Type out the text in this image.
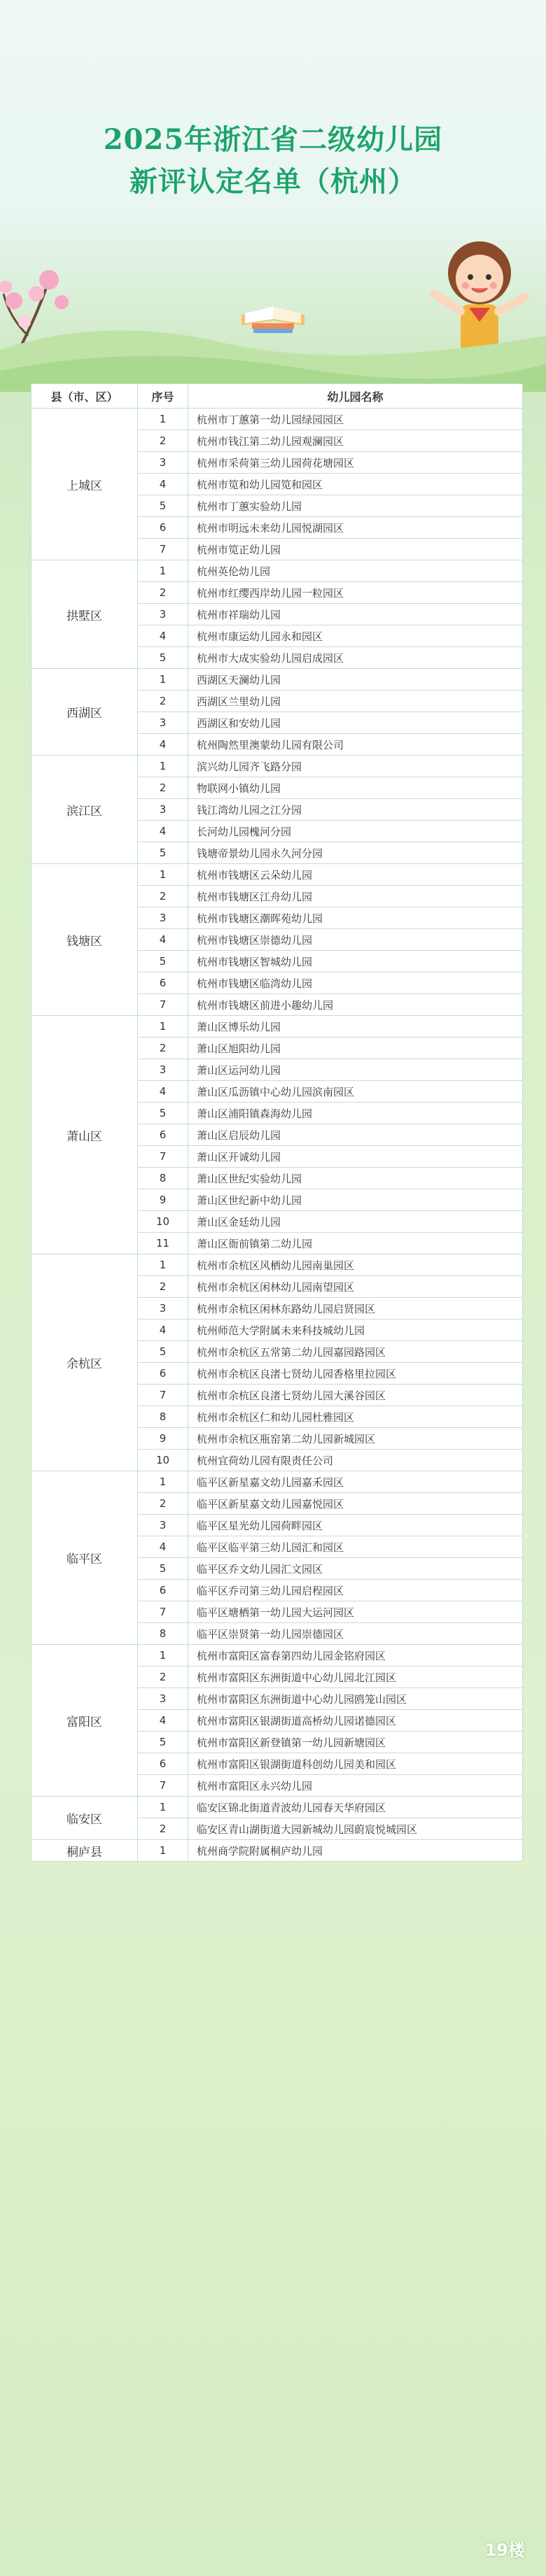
2025年浙江省二级幼儿园
新评认定名单（杭州）
县（市、区）	序号	幼儿园名称
上城区	1	杭州市丁蕙第一幼儿园绿园园区
	2	杭州市钱江第二幼儿园观澜园区
	3	杭州市采荷第三幼儿园荷花塘园区
	4	杭州市笕和幼儿园笕和园区
	5	杭州市丁蕙实验幼儿园
	6	杭州市明远未来幼儿园悦湖园区
	7	杭州市笕正幼儿园
拱墅区	1	杭州英伦幼儿园
	2	杭州市红缨西岸幼儿园一粒园区
	3	杭州市祥瑞幼儿园
	4	杭州市康运幼儿园永和园区
	5	杭州市大成实验幼儿园启成园区
西湖区	1	西湖区天澜幼儿园
	2	西湖区兰里幼儿园
	3	西湖区和安幼儿园
	4	杭州陶然里澳蒙幼儿园有限公司
滨江区	1	滨兴幼儿园齐飞路分园
	2	物联网小镇幼儿园
	3	钱江湾幼儿园之江分园
	4	长河幼儿园槐河分园
	5	钱塘帝景幼儿园永久河分园
钱塘区	1	杭州市钱塘区云朵幼儿园
	2	杭州市钱塘区江舟幼儿园
	3	杭州市钱塘区潮晖苑幼儿园
	4	杭州市钱塘区崇德幼儿园
	5	杭州市钱塘区智城幼儿园
	6	杭州市钱塘区临湾幼儿园
	7	杭州市钱塘区前进小趣幼儿园
萧山区	1	萧山区博乐幼儿园
	2	萧山区旭阳幼儿园
	3	萧山区运河幼儿园
	4	萧山区瓜沥镇中心幼儿园滨南园区
	5	萧山区浦阳镇森海幼儿园
	6	萧山区启辰幼儿园
	7	萧山区开诚幼儿园
	8	萧山区世纪实验幼儿园
	9	萧山区世纪新中幼儿园
	10	萧山区金廷幼儿园
	11	萧山区衙前镇第二幼儿园
余杭区	1	杭州市余杭区风栖幼儿园南巢园区
	2	杭州市余杭区闲林幼儿园南望园区
	3	杭州市余杭区闲林东路幼儿园启贤园区
	4	杭州师范大学附属未来科技城幼儿园
	5	杭州市余杭区五常第二幼儿园嘉园路园区
	6	杭州市余杭区良渚七贤幼儿园香格里拉园区
	7	杭州市余杭区良渚七贤幼儿园大溪谷园区
	8	杭州市余杭区仁和幼儿园杜雅园区
	9	杭州市余杭区瓶窑第二幼儿园新城园区
	10	杭州宜荷幼儿园有限责任公司
临平区	1	临平区新星嘉文幼儿园嘉禾园区
	2	临平区新星嘉文幼儿园嘉悦园区
	3	临平区星光幼儿园荷畔园区
	4	临平区临平第三幼儿园汇和园区
	5	临平区乔文幼儿园汇文园区
	6	临平区乔司第三幼儿园启程园区
	7	临平区塘栖第一幼儿园大运河园区
	8	临平区崇贤第一幼儿园崇德园区
富阳区	1	杭州市富阳区富春第四幼儿园金铭府园区
	2	杭州市富阳区东洲街道中心幼儿园北江园区
	3	杭州市富阳区东洲街道中心幼儿园鸥笼山园区
	4	杭州市富阳区银湖街道高桥幼儿园诺德园区
	5	杭州市富阳区新登镇第一幼儿园新塘园区
	6	杭州市富阳区银湖街道科创幼儿园美和园区
	7	杭州市富阳区永兴幼儿园
临安区	1	临安区锦北街道青波幼儿园春天华府园区
	2	临安区青山湖街道大园新城幼儿园蔚宸悦城园区
桐庐县	1	杭州商学院附属桐庐幼儿园
19楼
